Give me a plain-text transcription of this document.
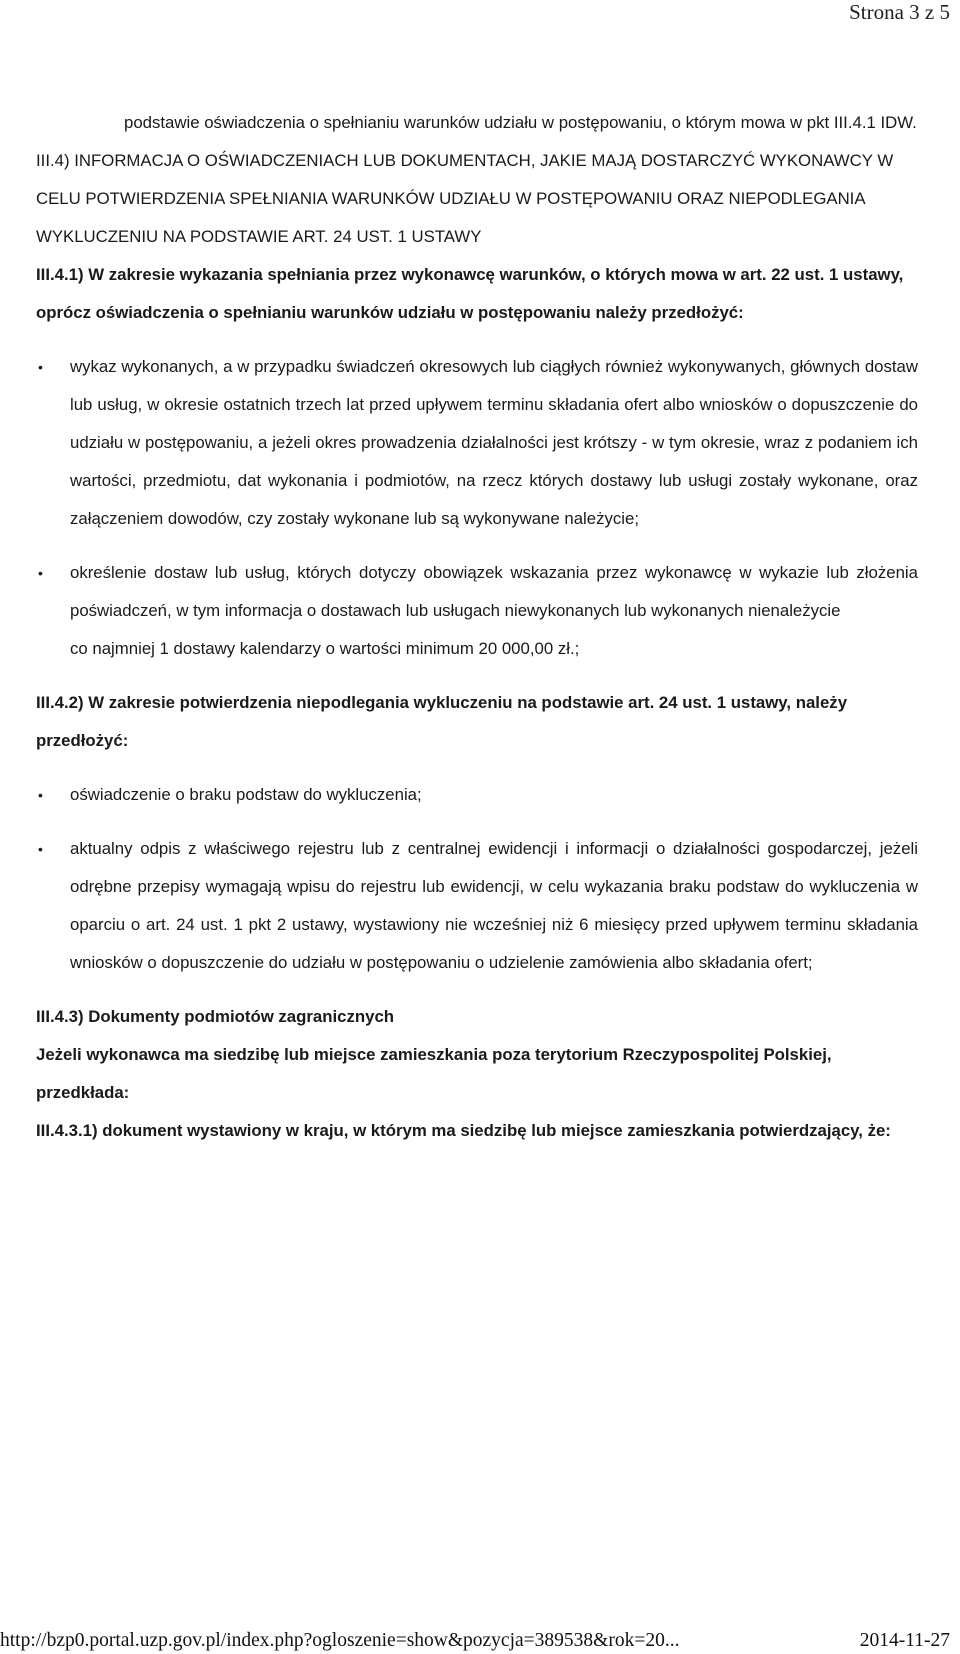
Strona 3 z 5

podstawie oświadczenia o spełnianiu warunków udziału w postępowaniu, o którym mowa w pkt III.4.1 IDW.

III.4) INFORMACJA O OŚWIADCZENIACH LUB DOKUMENTACH, JAKIE MAJĄ DOSTARCZYĆ WYKONAWCY W CELU POTWIERDZENIA SPEŁNIANIA WARUNKÓW UDZIAŁU W POSTĘPOWANIU ORAZ NIEPODLEGANIA WYKLUCZENIU NA PODSTAWIE ART. 24 UST. 1 USTAWY

III.4.1) W zakresie wykazania spełniania przez wykonawcę warunków, o których mowa w art. 22 ust. 1 ustawy, oprócz oświadczenia o spełnianiu warunków udziału w postępowaniu należy przedłożyć:

• wykaz wykonanych, a w przypadku świadczeń okresowych lub ciągłych również wykonywanych, głównych dostaw lub usług, w okresie ostatnich trzech lat przed upływem terminu składania ofert albo wniosków o dopuszczenie do udziału w postępowaniu, a jeżeli okres prowadzenia działalności jest krótszy - w tym okresie, wraz z podaniem ich wartości, przedmiotu, dat wykonania i podmiotów, na rzecz których dostawy lub usługi zostały wykonane, oraz załączeniem dowodów, czy zostały wykonane lub są wykonywane należycie;

• określenie dostaw lub usług, których dotyczy obowiązek wskazania przez wykonawcę w wykazie lub złożenia poświadczeń, w tym informacja o dostawach lub usługach niewykonanych lub wykonanych nienależycie

co najmniej 1 dostawy kalendarzy o wartości minimum 20 000,00 zł.;

III.4.2) W zakresie potwierdzenia niepodlegania wykluczeniu na podstawie art. 24 ust. 1 ustawy, należy przedłożyć:

• oświadczenie o braku podstaw do wykluczenia;

• aktualny odpis z właściwego rejestru lub z centralnej ewidencji i informacji o działalności gospodarczej, jeżeli odrębne przepisy wymagają wpisu do rejestru lub ewidencji, w celu wykazania braku podstaw do wykluczenia w oparciu o art. 24 ust. 1 pkt 2 ustawy, wystawiony nie wcześniej niż 6 miesięcy przed upływem terminu składania wniosków o dopuszczenie do udziału w postępowaniu o udzielenie zamówienia albo składania ofert;

III.4.3) Dokumenty podmiotów zagranicznych

Jeżeli wykonawca ma siedzibę lub miejsce zamieszkania poza terytorium Rzeczypospolitej Polskiej, przedkłada:

III.4.3.1) dokument wystawiony w kraju, w którym ma siedzibę lub miejsce zamieszkania potwierdzający, że:

http://bzp0.portal.uzp.gov.pl/index.php?ogloszenie=show&pozycja=389538&rok=20...	2014-11-27
